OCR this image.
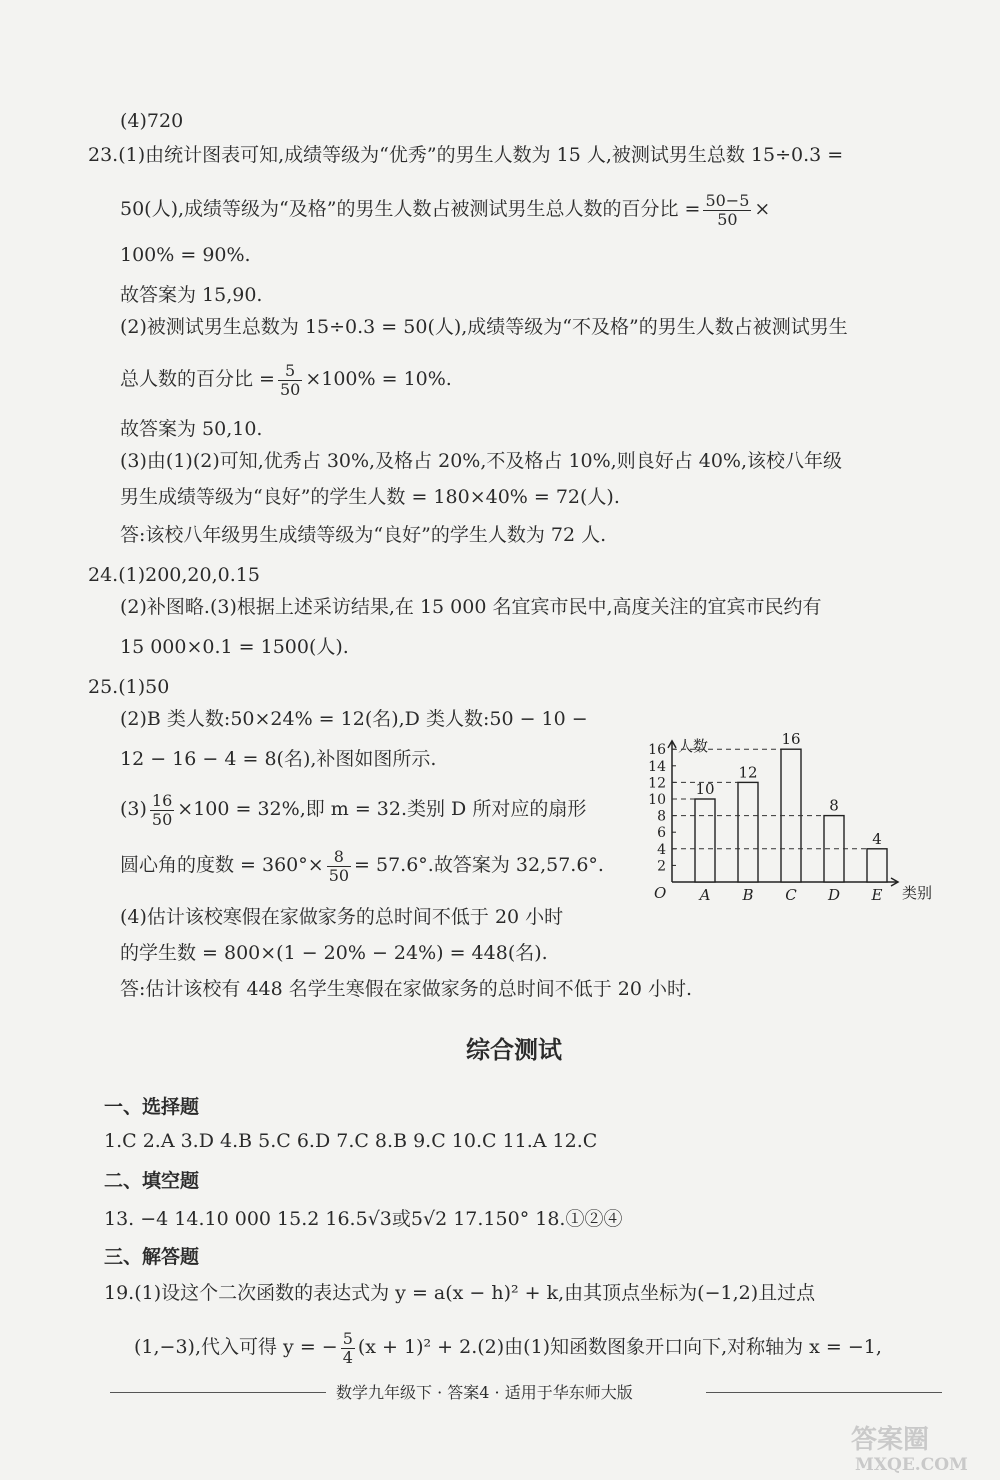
(4)720
23.(1)由统计图表可知,成绩等级为“优秀”的男生人数为 15 人,被测试男生总数 15÷0.3 =
50(人),成绩等级为“及格”的男生人数占被测试男生总人数的百分比 = $\frac{50-5}{50}$ ×
100% = 90%.
故答案为 15,90.
(2)被测试男生总数为 15÷0.3 = 50(人),成绩等级为“不及格”的男生人数占被测试男生
总人数的百分比 = $\frac{5}{50} \times 100\% = 10\%$.
故答案为 50,10.
(3)由(1)(2)可知,优秀占 30%,及格占 20%,不及格占 10%,则良好占 40%,该校八年级
男生成绩等级为“良好”的学生人数 = 180×40% = 72(人).
答:该校八年级男生成绩等级为“良好”的学生人数为 72 人.
24.(1)200,20,0.15
(2)补图略.(3)根据上述采访结果,在 15 000 名宜宾市民中,高度关注的宜宾市民约有
15 000×0.1 = 1500(人).
25.(1)50
(2)B 类人数:50×24% = 12(名),D 类人数:50 − 10 −
12 − 16 − 4 = 8(名),补图如图所示.
$(3) \frac{16}{50} \times 100 = 32\%$,即 m = 32.类别 D 所对应的扇形
圆心角的度数 = $360^\circ\times \frac{8}{50} = 57.6^\circ$.故答案为 32,57.6°.
(4)估计该校寒假在家做家务的总时间不低于 20 小时
的学生数 = 800×(1 − 20% − 24%) = 448(名).
答:估计该校有 448 名学生寒假在家做家务的总时间不低于 20 小时.
综合测试
一、选择题
1.C 2.A 3.D 4.B 5.C 6.D 7.C 8.B 9.C 10.C 11.A 12.C
二、填空题
13. −4 14.10 000 15.2 16.5√3或5√2 17.150° 18.①②④
三、解答题
19.(1)设这个二次函数的表达式为 y = a(x − h)² + k,由其顶点坐标为(−1,2)且过点
(1,−3),代入可得 y = − $\frac{5}{4} (x + 1)^2 + 2.(2)$由(1)知函数图象开口向下,对称轴为 x = −1,
数学九年级下 · 答案4 · 适用于华东师大版
答案圈
MXQE.COM
人数
类别
O
2
4
6
8
10
12
14
16
10
A
12
B
16
C
8
D
4
E
